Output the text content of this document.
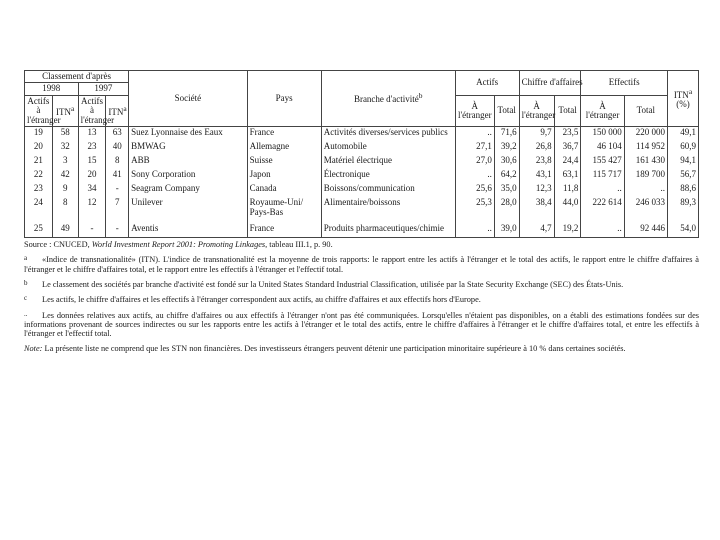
Classement d'après				Société	Pays	Branche d'activité$^b$	Actifs		Chiffre d'affaires		Effectifs		ITN$^a$
(%)
1998		1997											
Actifs à l'étranger	ITN$^a$	Actifs à l'étranger	ITN$^a$				À l'étranger	Total	À l'étranger	Total	À l'étranger	Total	
19	58	13	63	Suez Lyonnaise des Eaux	France	Activités diverses/services publics	..	71,6	9,7	23,5	150 000	220 000	49,1
20	32	23	40	BMWAG	Allemagne	Automobile	27,1	39,2	26,8	36,7	46 104	114 952	60,9
21	3	15	8	ABB	Suisse	Matériel électrique	27,0	30,6	23,8	24,4	155 427	161 430	94,1
22	42	20	41	Sony Corporation	Japon	Électronique	..	64,2	43,1	63,1	115 717	189 700	56,7
23	9	34	-	Seagram Company	Canada	Boissons/communication	25,6	35,0	12,3	11,8	..	..	88,6
24	8	12	7	Unilever	Royaume-Uni/ Pays-Bas	Alimentaire/boissons	25,3	28,0	38,4	44,0	222 614	246 033	89,3
25	49	-	-	Aventis	France	Produits pharmaceutiques/chimie	..	39,0	4,7	19,2	..	92 446	54,0

Source : CNUCED, World Investment Report 2001: Promoting Linkages, tableau III.1, p. 90.

a «Indice de transnationalité» (ITN). L'indice de transnationalité est la moyenne de trois rapports: le rapport entre les actifs à l'étranger et le total des actifs, le rapport entre le chiffre d'affaires à l'étranger et le chiffre d'affaires total, et le rapport entre les effectifs à l'étranger et l'effectif total.

b Le classement des sociétés par branche d'activité est fondé sur la United States Standard Industrial Classification, utilisée par la State Security Exchange (SEC) des États-Unis.

c Les actifs, le chiffre d'affaires et les effectifs à l'étranger correspondent aux actifs, au chiffre d'affaires et aux effectifs hors d'Europe.

.. Les données relatives aux actifs, au chiffre d'affaires ou aux effectifs à l'étranger n'ont pas été communiquées. Lorsqu'elles n'étaient pas disponibles, on a établi des estimations fondées sur des informations provenant de sources indirectes ou sur les rapports entre les actifs à l'étranger et le total des actifs, entre le chiffre d'affaires à l'étranger et le chiffre d'affaires total, et entre les effectifs à l'étranger et l'effectif total.

Note: La présente liste ne comprend que les STN non financières. Des investisseurs étrangers peuvent détenir une participation minoritaire supérieure à 10 % dans certaines sociétés.
